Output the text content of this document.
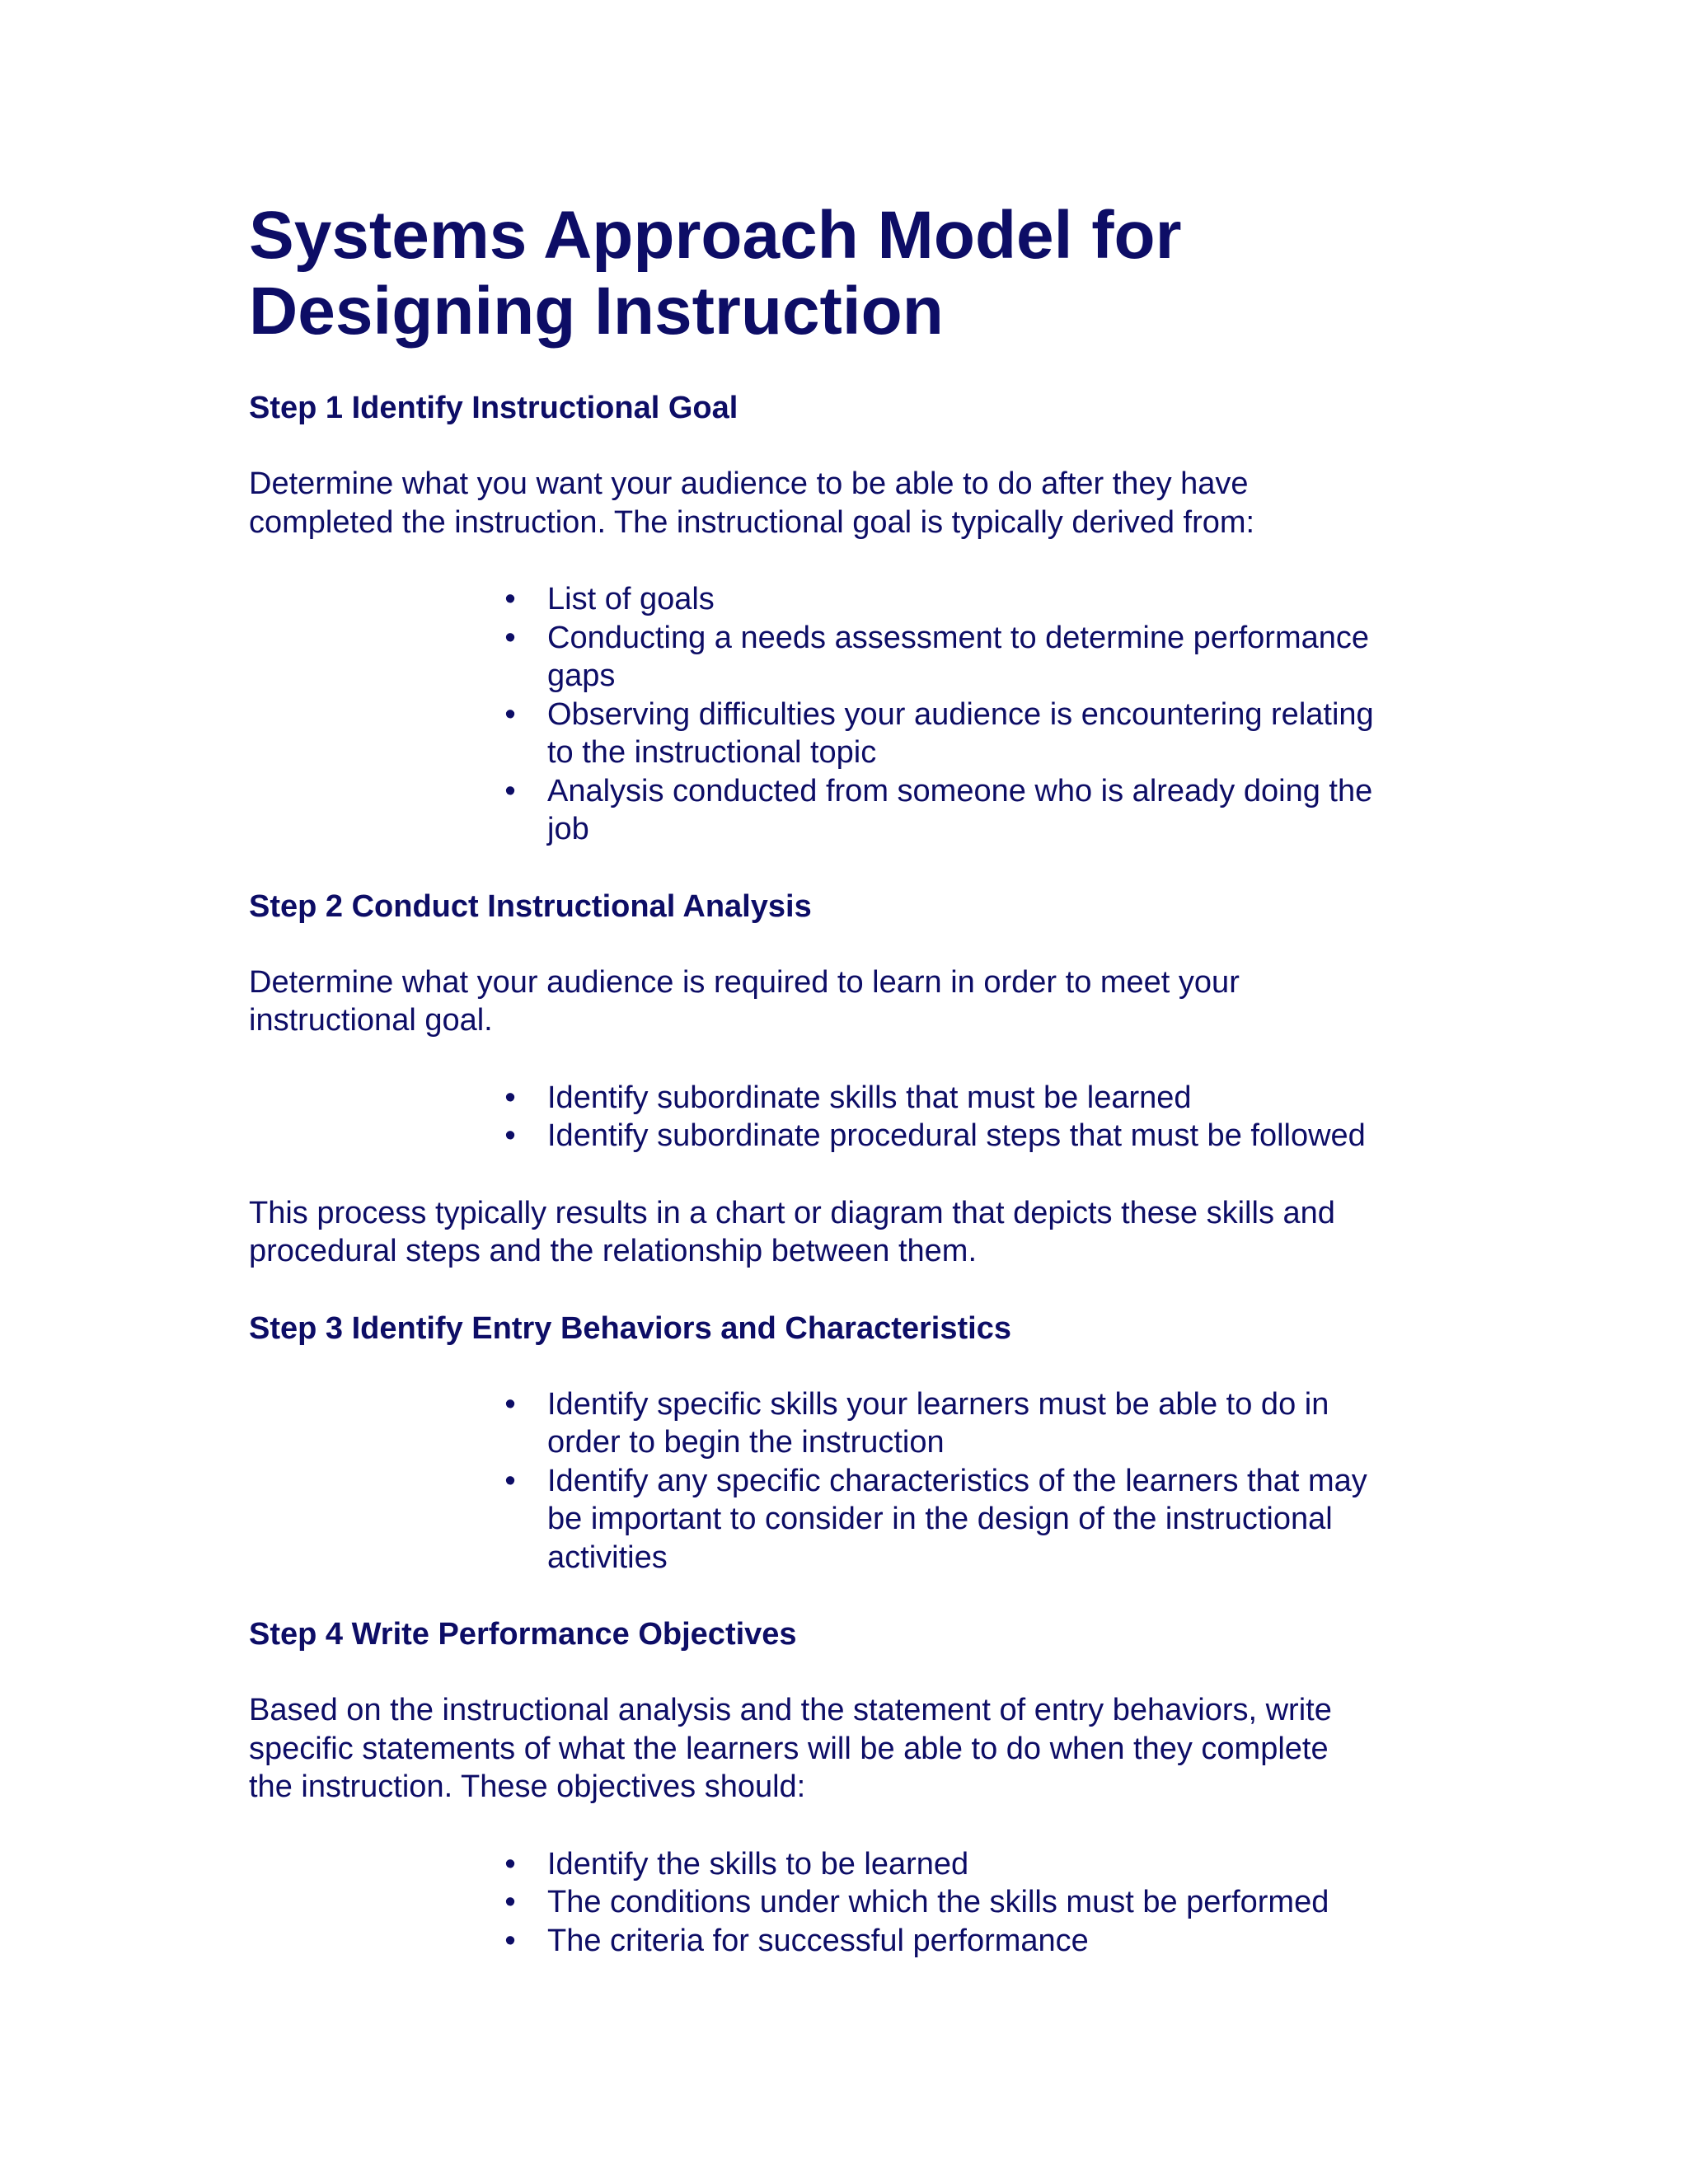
Systems Approach Model for
Designing Instruction
Step 1 Identify Instructional Goal

Determine what you want your audience to be able to do after they have
completed the instruction. The instructional goal is typically derived from:

• List of goals
• Conducting a needs assessment to determine performance
gaps
• Observing difficulties your audience is encountering relating
to the instructional topic
• Analysis conducted from someone who is already doing the
job
Step 2 Conduct Instructional Analysis

Determine what your audience is required to learn in order to meet your
instructional goal.

• Identify subordinate skills that must be learned
• Identify subordinate procedural steps that must be followed

This process typically results in a chart or diagram that depicts these skills and
procedural steps and the relationship between them.

Step 3 Identify Entry Behaviors and Characteristics
• Identify specific skills your learners must be able to do in
order to begin the instruction
• Identify any specific characteristics of the learners that may
be important to consider in the design of the instructional
activities
Step 4 Write Performance Objectives

Based on the instructional analysis and the statement of entry behaviors, write
specific statements of what the learners will be able to do when they complete
the instruction. These objectives should:

• Identify the skills to be learned
• The conditions under which the skills must be performed
• The criteria for successful performance
